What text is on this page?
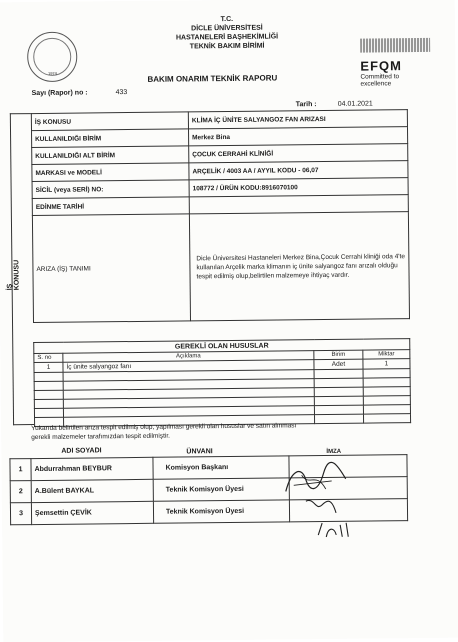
1974
T.C.
DİCLE ÜNİVERSİTESİ
HASTANELERİ BAŞHEKİMLİĞİ
TEKNİK BAKIM BİRİMİ
EFQM
Committed to excellence
BAKIM ONARIM TEKNİK RAPORU
Sayı (Rapor) no :	433
Tarih :	04.01.2021
İŞ KONUSU
İŞ KONUSU	KLİMA İÇ ÜNİTE SALYANGOZ FAN ARIZASI
KULLANILDIĞI BİRİM	Merkez Bina
KULLANILDIĞI ALT BİRİM	ÇOCUK CERRAHİ KLİNİĞİ
MARKASI ve MODELİ	ARÇELİK / 4003 AA / AYYIL KODU - 06,07
SİCİL (veya SERİ) NO:	108772 / ÜRÜN KODU:8916070100
EDİNME TARİHİ	
ARIZA (İŞ) TANIMI	Dicle Üniversitesi Hastaneleri Merkez Bina,Çocuk Cerrahi kliniği oda 4'te kullanılan Arçelik marka klimanın iç ünite salyangoz fanı arızalı olduğu tespit edilmiş olup,belirtilen malzemeye ihtiyaç vardır.
GEREKLİ OLAN HUSUSLAR			
S. no	Açıklama	Birim	Miktar
1	İç ünite salyangoz fanı	Adet	1

Yukarıda belirtilen arıza tespit edilmiş olup, yapılması gerekli olan hususlar ve satın alınması
gerekli malzemeler tarafımızdan tespit edilmiştir.
ADI SOYADI	ÜNVANI	İMZA
1	Abdurrahman BEYBUR	Komisyon Başkanı	
2	A.Bülent BAYKAL	Teknik Komisyon Üyesi	
3	Şemsettin ÇEVİK	Teknik Komisyon Üyesi	
